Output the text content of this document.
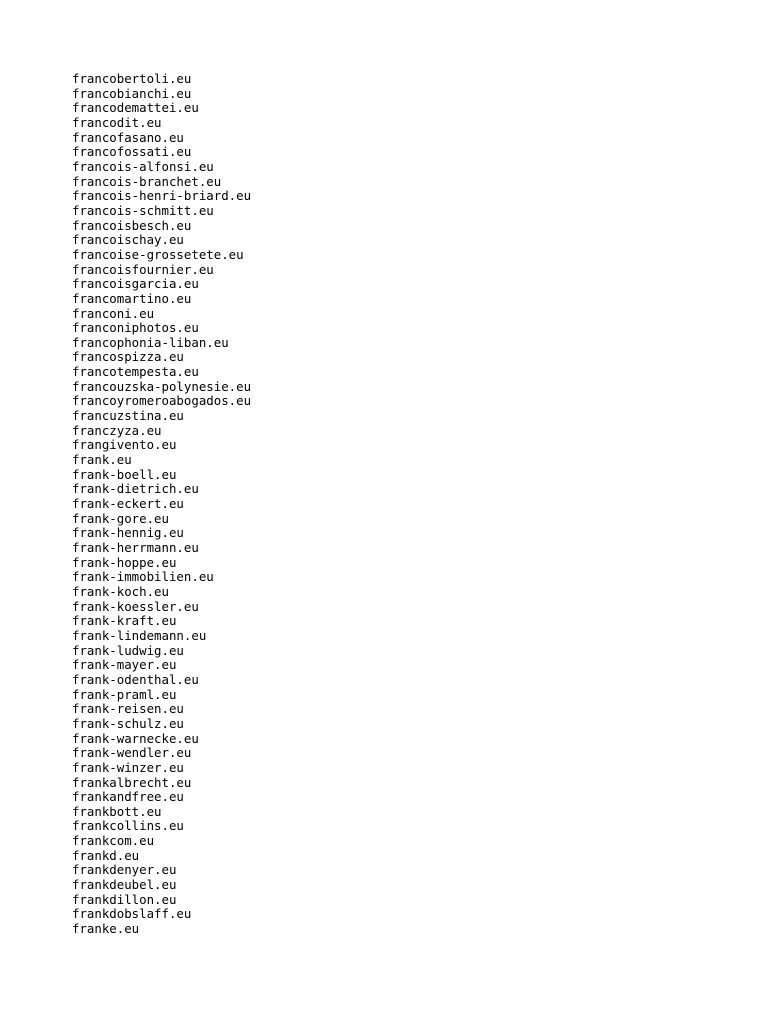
francobertoli.eu
francobianchi.eu
francodemattei.eu
francodit.eu
francofasano.eu
francofossati.eu
francois-alfonsi.eu
francois-branchet.eu
francois-henri-briard.eu
francois-schmitt.eu
francoisbesch.eu
francoischay.eu
francoise-grossetete.eu
francoisfournier.eu
francoisgarcia.eu
francomartino.eu
franconi.eu
franconiphotos.eu
francophonia-liban.eu
francospizza.eu
francotempesta.eu
francouzska-polynesie.eu
francoyromeroabogados.eu
francuzstina.eu
franczyza.eu
frangivento.eu
frank.eu
frank-boell.eu
frank-dietrich.eu
frank-eckert.eu
frank-gore.eu
frank-hennig.eu
frank-herrmann.eu
frank-hoppe.eu
frank-immobilien.eu
frank-koch.eu
frank-koessler.eu
frank-kraft.eu
frank-lindemann.eu
frank-ludwig.eu
frank-mayer.eu
frank-odenthal.eu
frank-praml.eu
frank-reisen.eu
frank-schulz.eu
frank-warnecke.eu
frank-wendler.eu
frank-winzer.eu
frankalbrecht.eu
frankandfree.eu
frankbott.eu
frankcollins.eu
frankcom.eu
frankd.eu
frankdenyer.eu
frankdeubel.eu
frankdillon.eu
frankdobslaff.eu
franke.eu
